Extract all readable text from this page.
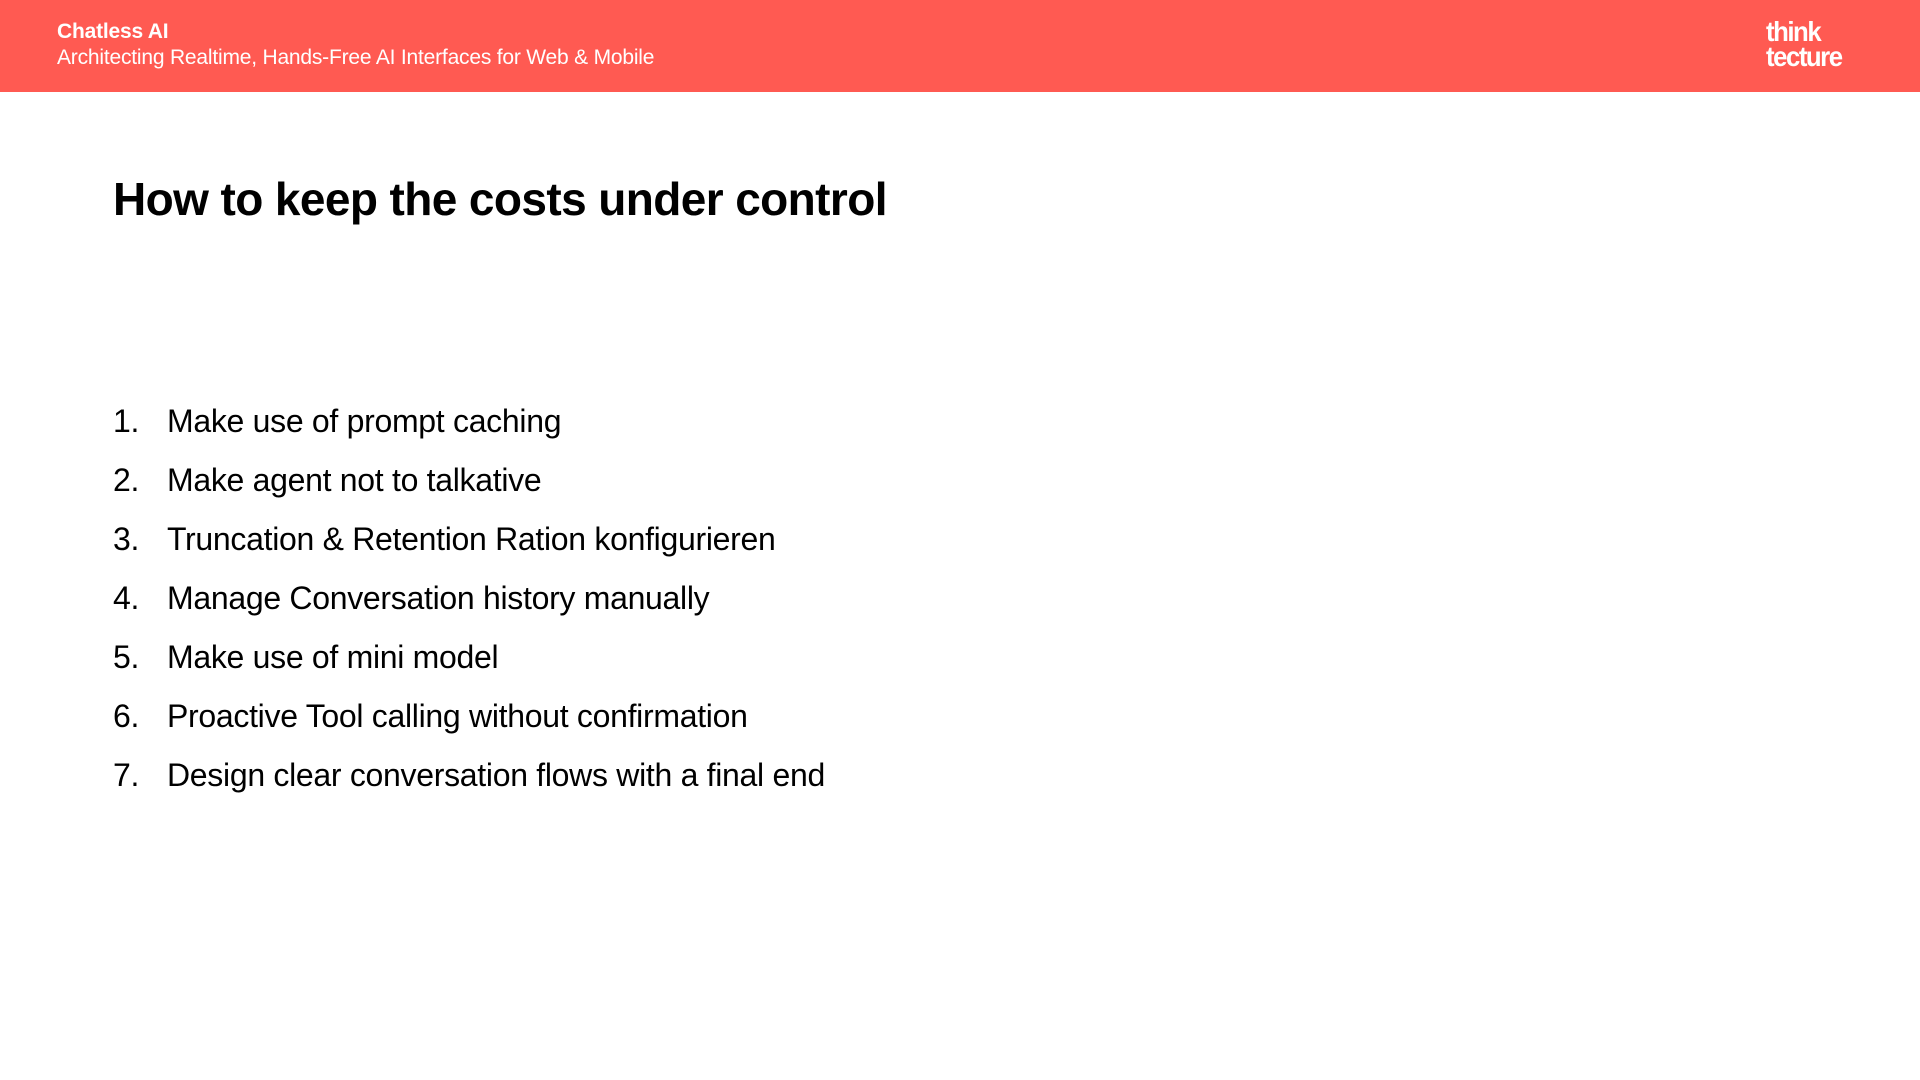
Chatless AI
Architecting Realtime, Hands-Free AI Interfaces for Web & Mobile
think
tecture
How to keep the costs under control
1. Make use of prompt caching
2. Make agent not to talkative
3. Truncation & Retention Ration konfigurieren
4. Manage Conversation history manually
5. Make use of mini model
6. Proactive Tool calling without confirmation
7. Design clear conversation flows with a final end
